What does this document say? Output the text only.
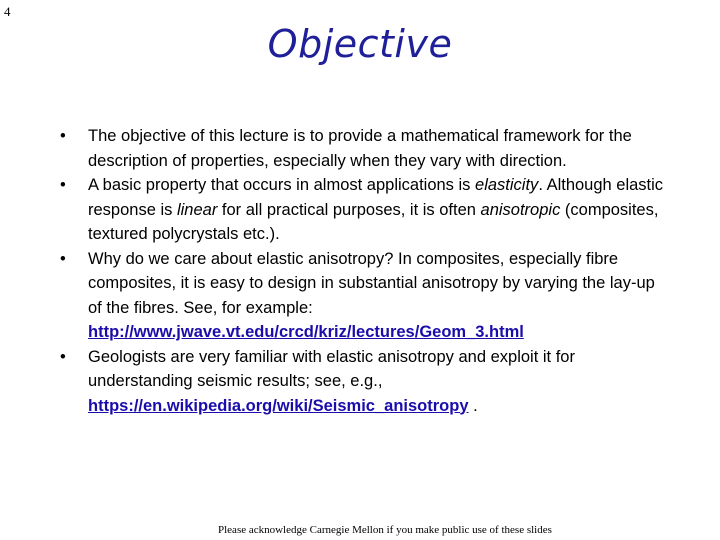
4
Objective
• The objective of this lecture is to provide a mathematical framework for the description of properties, especially when they vary with direction.
• A basic property that occurs in almost applications is elasticity. Although elastic response is linear for all practical purposes, it is often anisotropic (composites, textured polycrystals etc.).
• Why do we care about elastic anisotropy? In composites, especially fibre composites, it is easy to design in substantial anisotropy by varying the lay-up of the fibres. See, for example: http://www.jwave.vt.edu/crcd/kriz/lectures/Geom_3.html
• Geologists are very familiar with elastic anisotropy and exploit it for understanding seismic results; see, e.g., https://en.wikipedia.org/wiki/Seismic_anisotropy .
Please acknowledge Carnegie Mellon if you make public use of these slides
